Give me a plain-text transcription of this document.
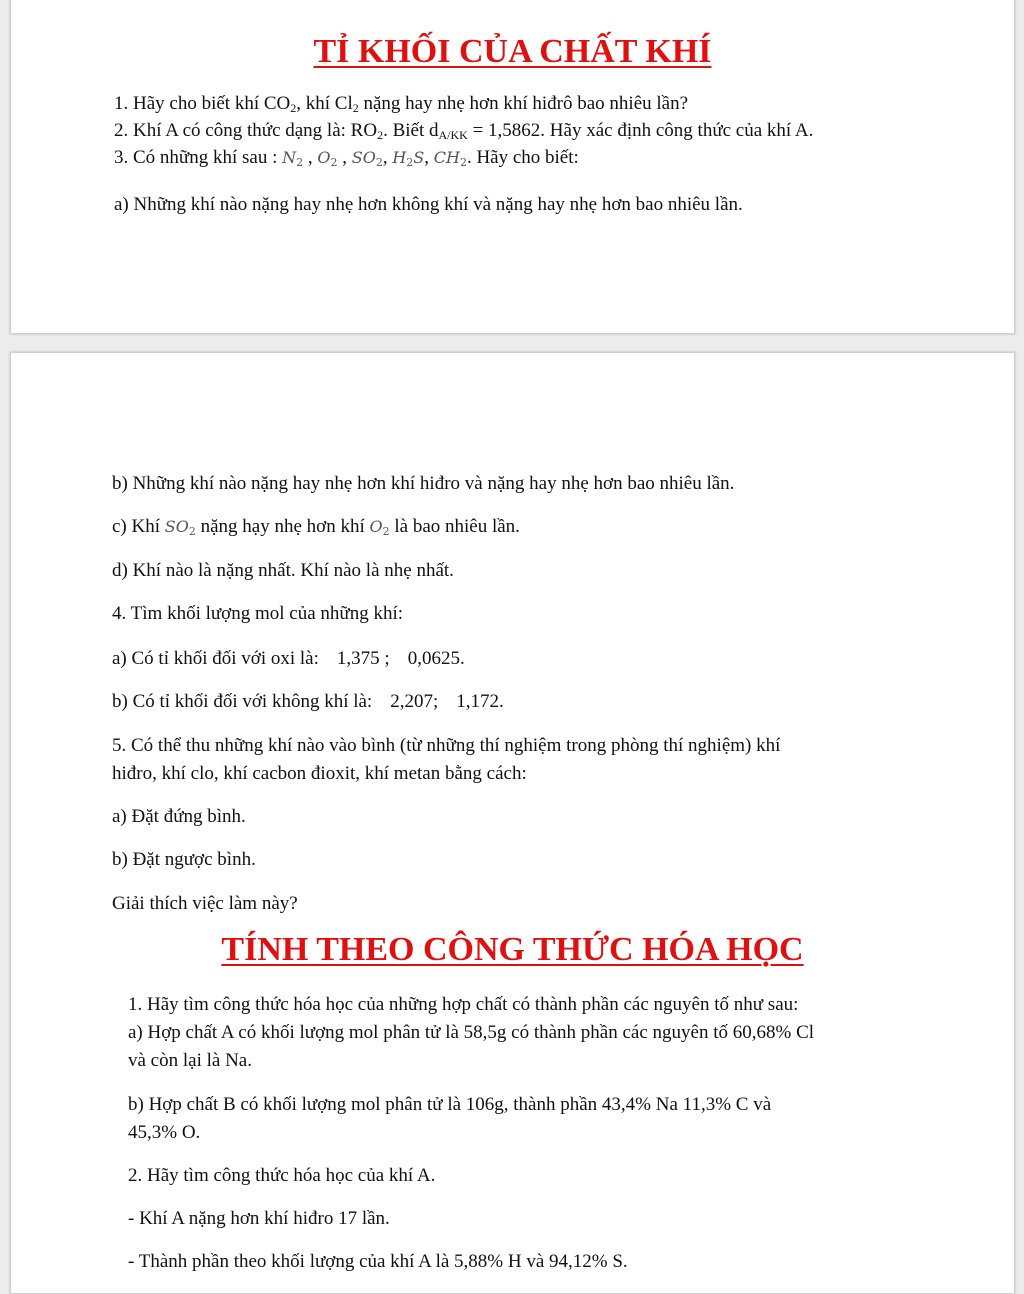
TỈ KHỐI CỦA CHẤT KHÍ
1. Hãy cho biết khí $CO_2$, khí $Cl_2$ nặng hay nhẹ hơn khí hiđrô bao nhiêu lần?
2. Khí A có công thức dạng là: $RO_2$. Biết $d_{A/KK} = 1,5862$. Hãy xác định công thức của khí A.
3. Có những khí sau : $N_2$ , $O_2$ , $SO_2$, $H_2S$, $CH_2$. Hãy cho biết:
a) Những khí nào nặng hay nhẹ hơn không khí và nặng hay nhẹ hơn bao nhiêu lần.
b) Những khí nào nặng hay nhẹ hơn khí hiđro và nặng hay nhẹ hơn bao nhiêu lần.
c) Khí $SO_2$ nặng hạy nhẹ hơn khí $O_2$ là bao nhiêu lần.
d) Khí nào là nặng nhất. Khí nào là nhẹ nhất.
4. Tìm khối lượng mol của những khí:
a) Có tỉ khối đối với oxi là: 1,375 ; 0,0625.
b) Có tỉ khối đối với không khí là: 2,207; 1,172.
5. Có thể thu những khí nào vào bình (từ những thí nghiệm trong phòng thí nghiệm) khí
hiđro, khí clo, khí cacbon đioxit, khí metan bằng cách:
a) Đặt đứng bình.
b) Đặt ngược bình.
Giải thích việc làm này?
TÍNH THEO CÔNG THỨC HÓA HỌC
1. Hãy tìm công thức hóa học của những hợp chất có thành phần các nguyên tố như sau:
a) Hợp chất A có khối lượng mol phân tử là 58,5g có thành phần các nguyên tố 60,68% Cl
và còn lại là Na.
b) Hợp chất B có khối lượng mol phân tử là 106g, thành phần 43,4% Na 11,3% C và
45,3% O.
2. Hãy tìm công thức hóa học của khí A.
- Khí A nặng hơn khí hiđro 17 lần.
- Thành phần theo khối lượng của khí A là 5,88% H và 94,12% S.
